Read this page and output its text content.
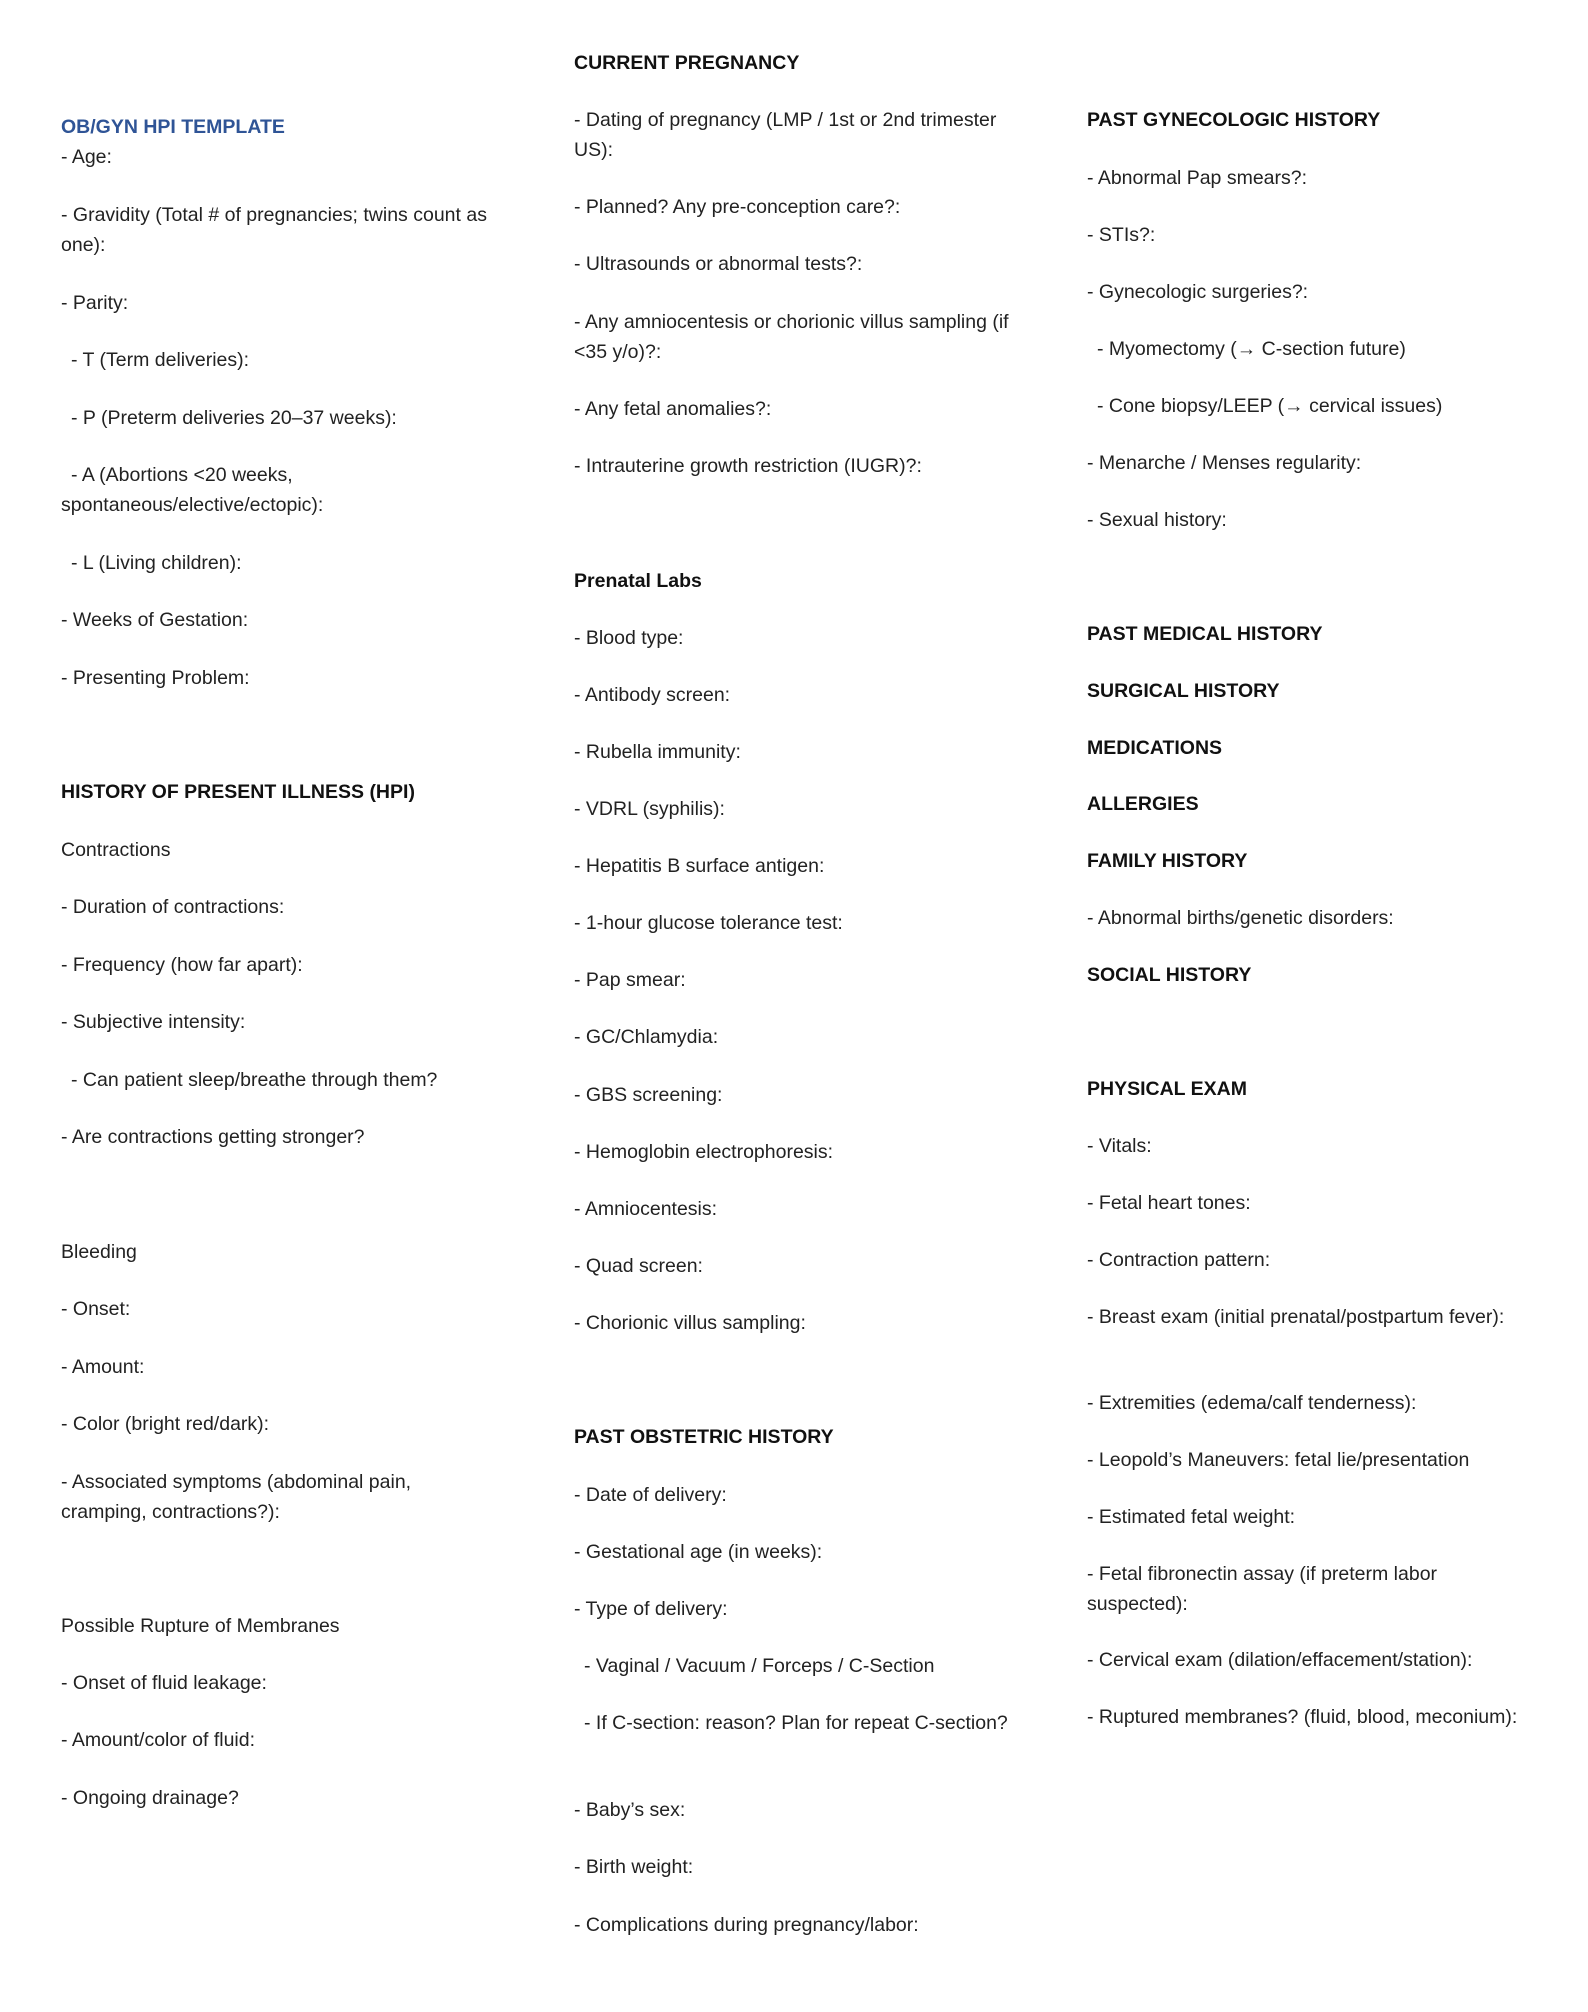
OB/GYN HPI TEMPLATE

- Age:

- Gravidity (Total # of pregnancies; twins count as one):

- Parity:

- T (Term deliveries):

- P (Preterm deliveries 20–37 weeks):

- A (Abortions <20 weeks, spontaneous/elective/ectopic):

- L (Living children):

- Weeks of Gestation:

- Presenting Problem:

HISTORY OF PRESENT ILLNESS (HPI)

Contractions

- Duration of contractions:

- Frequency (how far apart):

- Subjective intensity:

- Can patient sleep/breathe through them?

- Are contractions getting stronger?

Bleeding

- Onset:

- Amount:

- Color (bright red/dark):

- Associated symptoms (abdominal pain, cramping, contractions?):

Possible Rupture of Membranes

- Onset of fluid leakage:

- Amount/color of fluid:

- Ongoing drainage?

CURRENT PREGNANCY

- Dating of pregnancy (LMP / 1st or 2nd trimester US):

- Planned? Any pre-conception care?:

- Ultrasounds or abnormal tests?:

- Any amniocentesis or chorionic villus sampling (if <35 y/o)?:

- Any fetal anomalies?:

- Intrauterine growth restriction (IUGR)?:

Prenatal Labs

- Blood type:

- Antibody screen:

- Rubella immunity:

- VDRL (syphilis):

- Hepatitis B surface antigen:

- 1-hour glucose tolerance test:

- Pap smear:

- GC/Chlamydia:

- GBS screening:

- Hemoglobin electrophoresis:

- Amniocentesis:

- Quad screen:

- Chorionic villus sampling:

PAST OBSTETRIC HISTORY

- Date of delivery:

- Gestational age (in weeks):

- Type of delivery:

- Vaginal / Vacuum / Forceps / C-Section

- If C-section: reason? Plan for repeat C-section?

- Baby’s sex:

- Birth weight:

- Complications during pregnancy/labor:

PAST GYNECOLOGIC HISTORY

- Abnormal Pap smears?:

- STIs?:

- Gynecologic surgeries?:

- Myomectomy (→ C-section future)

- Cone biopsy/LEEP (→ cervical issues)

- Menarche / Menses regularity:

- Sexual history:

PAST MEDICAL HISTORY

SURGICAL HISTORY

MEDICATIONS

ALLERGIES

FAMILY HISTORY

- Abnormal births/genetic disorders:

SOCIAL HISTORY

PHYSICAL EXAM

- Vitals:

- Fetal heart tones:

- Contraction pattern:

- Breast exam (initial prenatal/postpartum fever):

- Extremities (edema/calf tenderness):

- Leopold’s Maneuvers: fetal lie/presentation

- Estimated fetal weight:

- Fetal fibronectin assay (if preterm labor suspected):

- Cervical exam (dilation/effacement/station):

- Ruptured membranes? (fluid, blood, meconium):
